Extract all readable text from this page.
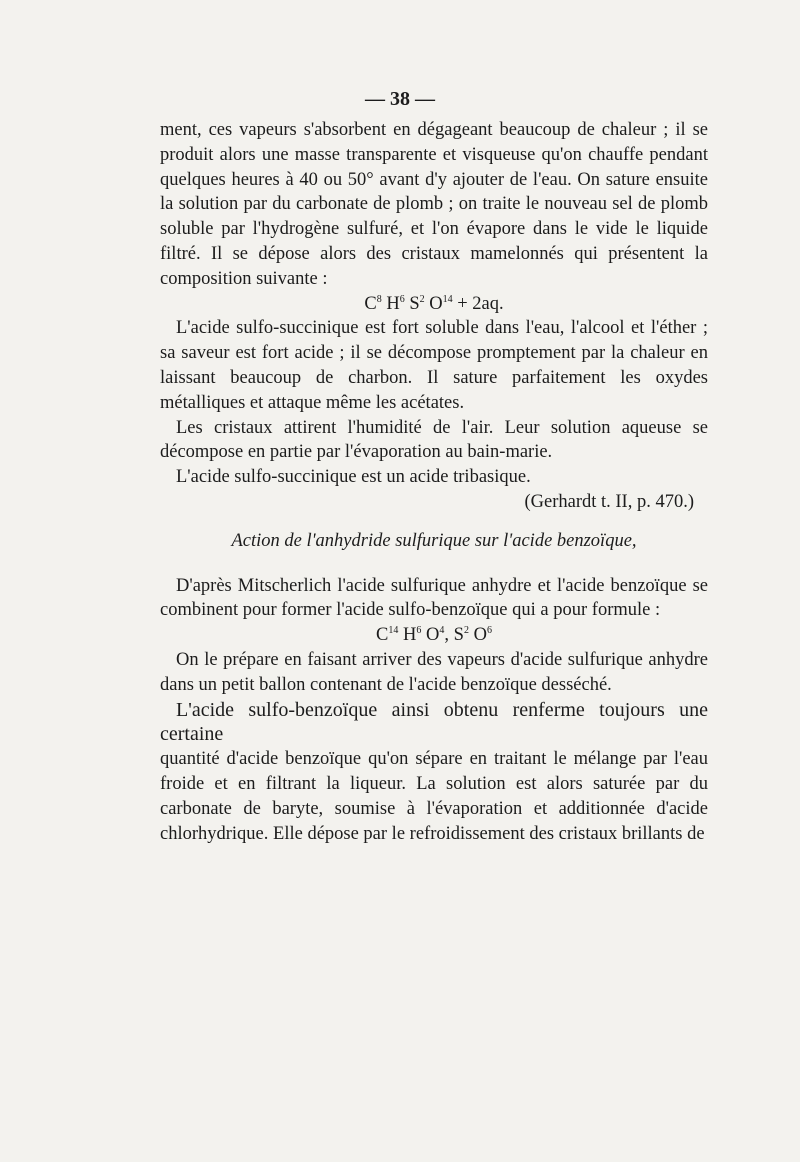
— 38 —

ment, ces vapeurs s'absorbent en dégageant beaucoup de chaleur ; il se produit alors une masse transparente et visqueuse qu'on chauffe pendant quelques heures à 40 ou 50° avant d'y ajouter de l'eau. On sature ensuite la solution par du carbonate de plomb ; on traite le nouveau sel de plomb soluble par l'hydrogène sulfuré, et l'on évapore dans le vide le liquide filtré. Il se dépose alors des cristaux mamelonnés qui présentent la composition suivante :

$C^8$ $H^6$ $S^2$ $O^{14} + 2aq$.

L'acide sulfo-succinique est fort soluble dans l'eau, l'alcool et l'éther ; sa saveur est fort acide ; il se décompose promptement par la chaleur en laissant beaucoup de charbon. Il sature parfaitement les oxydes métalliques et attaque même les acétates.

Les cristaux attirent l'humidité de l'air. Leur solution aqueuse se décompose en partie par l'évaporation au bain-marie.

L'acide sulfo-succinique est un acide tribasique.

(Gerhardt t. II, p. 470.)

Action de l'anhydride sulfurique sur l'acide benzoïque,

D'après Mitscherlich l'acide sulfurique anhydre et l'acide benzoïque se combinent pour former l'acide sulfo-benzoïque qui a pour formule :

$C^{14}$ $H^6$ $O^4$, $S^2$ $O^6$

On le prépare en faisant arriver des vapeurs d'acide sulfurique anhydre dans un petit ballon contenant de l'acide benzoïque desséché.

L'acide sulfo-benzoïque ainsi obtenu renferme toujours une certaine

quantité d'acide benzoïque qu'on sépare en traitant le mélange par l'eau froide et en filtrant la liqueur. La solution est alors saturée par du carbonate de baryte, soumise à l'évaporation et additionnée d'acide chlorhydrique. Elle dépose par le refroidissement des cristaux brillants de
